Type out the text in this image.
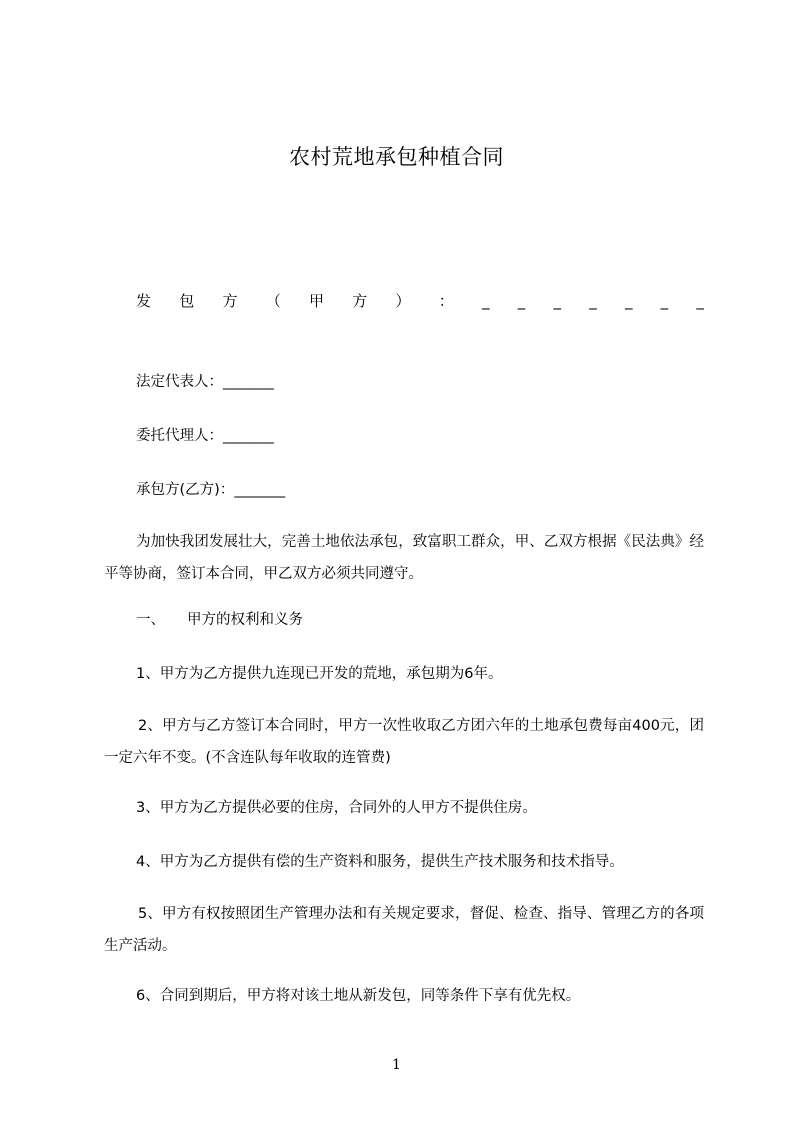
农村荒地承包种植合同
发 包 方 （ 甲 方 ） ： _ _ _ _ _ _ _
法定代表人：_______
委托代理人：_______
承包方(乙方)：_______
为加快我团发展壮大，完善土地依法承包，致富职工群众，甲、乙双方根据《民法典》经平等协商，签订本合同，甲乙双方必须共同遵守。
一、 甲方的权利和义务
1、甲方为乙方提供九连现已开发的荒地，承包期为6年。
2、甲方与乙方签订本合同时，甲方一次性收取乙方团六年的土地承包费每亩400元，团一定六年不变。(不含连队每年收取的连管费)
3、甲方为乙方提供必要的住房，合同外的人甲方不提供住房。
4、甲方为乙方提供有偿的生产资料和服务，提供生产技术服务和技术指导。
5、甲方有权按照团生产管理办法和有关规定要求，督促、检查、指导、管理乙方的各项生产活动。
6、合同到期后，甲方将对该土地从新发包，同等条件下享有优先权。
1
